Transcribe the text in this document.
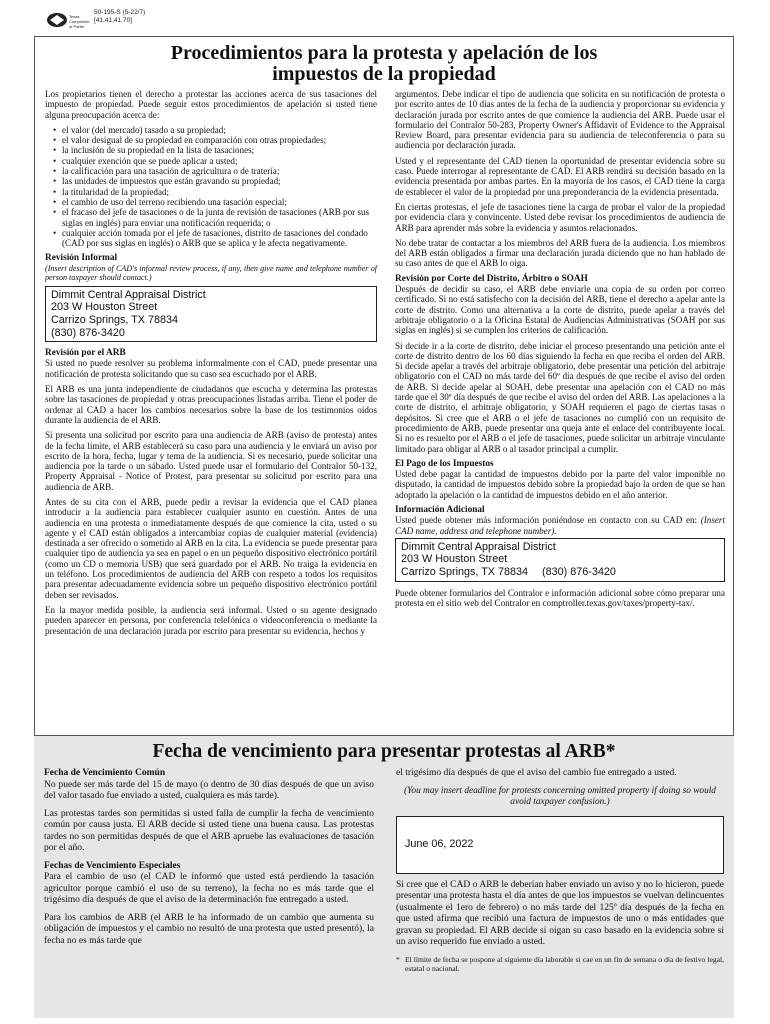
Texas
Comptroller
of Public
50-195-S (5-22/7)
[41.41,41.70]
Procedimientos para la protesta y apelación de los
impuestos de la propiedad

Los propietarios tienen el derecho a protestar las acciones acerca de sus tasaciones del impuesto de propiedad. Puede seguir estos procedimientos de apelación si usted tiene alguna preocupación acerca de:

• el valor (del mercado) tasado a su propiedad;
• el valor desigual de su propiedad en comparación con otras propiedades;
• la inclusión de su propiedad en la lista de tasaciones;
• cualquier exención que se puede aplicar a usted;
• la calificación para una tasación de agricultura o de tratería;
• las unidades de impuestos que están gravando su propiedad;
• la titularidad de la propiedad;
• el cambio de uso del terreno recibiendo una tasación especial;
• el fracaso del jefe de tasaciones o de la junta de revisión de tasaciones (ARB por sus siglas en inglés) para enviar una notificación requerida; o
• cualquier acción tomada por el jefe de tasaciones, distrito de tasaciones del condado (CAD por sus siglas en inglés) o ARB que se aplica y le afecta negativamente.
Revisión Informal
(Insert description of CAD's informal review process, if any, then give name and telephone number of person taxpayer should contact.)
Dimmit Central Appraisal District
203 W Houston Street
Carrizo Springs, TX 78834
(830) 876-3420
Revisión por el ARB

Si usted no puede resolver su problema informalmente con el CAD, puede presentar una notificación de protesta solicitando que su caso sea escuchado por el ARB.

El ARB es una junta independiente de ciudadanos que escucha y determina las protestas sobre las tasaciones de propiedad y otras preocupaciones listadas arriba. Tiene el poder de ordenar al CAD a hacer los cambios necesarios sobre la base de los testimonios oídos durante la audiencia de el ARB.

Si presenta una solicitud por escrito para una audiencia de ARB (aviso de protesta) antes de la fecha límite, el ARB establecerá su caso para una audiencia y le enviará un aviso por escrito de la hora, fecha, lugar y tema de la audiencia. Si es necesario, puede solicitar una audiencia por la tarde o un sábado. Usted puede usar el formulario del Contralor 50-132, Property Appraisal - Notice of Protest, para presentar su solicitud por escrito para una audiencia de ARB.

Antes de su cita con el ARB, puede pedir a revisar la evidencia que el CAD planea introducir a la audiencia para establecer cualquier asunto en cuestión. Antes de una audiencia en una protesta o inmediatamente después de que comience la cita, usted o su agente y el CAD están obligados a intercambiar copias de cualquier material (evidencia) destinada a ser ofrecido o sometido al ARB en la cita. La evidencia se puede presentar para cualquier tipo de audiencia ya sea en papel o en un pequeño dispositivo electrónico portátil (como un CD o memoria USB) que será guardado por el ARB. No traiga la evidencia en un teléfono. Los procedimientos de audiencia del ARB con respeto a todos los requisitos para presentar adecuadamente evidencia sobre un pequeño dispositivo electrónico portátil deben ser revisados.

En la mayor medida posible, la audiencia será informal. Usted o su agente designado pueden aparecer en persona, por conferencia telefónica o videoconferencia o mediante la presentación de una declaración jurada por escrito para presentar su evidencia, hechos y

argumentos. Debe indicar el tipo de audiencia que solicita en su notificación de protesta o por escrito antes de 10 días antes de la fecha de la audiencia y proporcionar su evidencia y declaración jurada por escrito antes de que comience la audiencia del ARB. Puede usar el formulario del Contralor 50-283, Property Owner's Affidavit of Evidence to the Appraisal Review Board, para presentar evidencia para su audiencia de teleconferencia o para su audiencia por declaración jurada.

Usted y el representante del CAD tienen la oportunidad de presentar evidencia sobre su caso. Puede interrogar al representante de CAD. El ARB rendirá su decisión basado en la evidencia presentada por ambas partes. En la mayoría de los casos, el CAD tiene la carga de establecer el valor de la propiedad por una preponderancia de la evidencia presentada.

En ciertas protestas, el jefe de tasaciones tiene la carga de probar el valor de la propiedad por evidencia clara y convincente. Usted debe revisar los procedimientos de audiencia de ARB para aprender más sobre la evidencia y asuntos relacionados.

No debe tratar de contactar a los miembros del ARB fuera de la audiencia. Los miembros del ARB están obligados a firmar una declaración jurada diciendo que no han hablado de su caso antes de que el ARB lo oiga.

Revisión por Corte del Distrito, Árbitro o SOAH

Después de decidir su caso, el ARB debe enviarle una copia de su orden por correo certificado. Si no está satisfecho con la decisión del ARB, tiene el derecho a apelar ante la corte de distrito. Como una alternativa a la corte de distrito, puede apelar a través del arbitraje obligatorio o a la Oficina Estatal de Audiencias Administrativas (SOAH por sus siglas en inglés) si se cumplen los criterios de calificación.

Si decide ir a la corte de distrito, debe iniciar el proceso presentando una petición ante el corte de distrito dentro de los 60 días siguiendo la fecha en que reciba el orden del ARB. Si decide apelar a través del arbitraje obligatorio, debe presentar una petición del arbitraje obligatorio con el CAD no más tarde del 60º día después de que recibe el aviso del orden de ARB. Si decide apelar al SOAH, debe presentar una apelación con el CAD no más tarde que el 30º día después de que recibe el aviso del orden del ARB. Las apelaciones a la corte de distrito, el arbitraje obligatorio, y SOAH requieren el pago de ciertas tasas o depósitos. Si cree que el ARB o el jefe de tasaciones no cumplió con un requisito de procedimiento de ARB, puede presentar una queja ante el enlace del contribuyente local. Si no es resuelto por el ARB o el jefe de tasaciones, puede solicitar un arbitraje vinculante limitado para obligar al ARB o al tasador principal a cumplir.

El Pago de los Impuestos

Usted debe pagar la cantidad de impuestos debido por la parte del valor imponible no disputado, la cantidad de impuestos debido sobre la propiedad bajo la orden de que se han adoptado la apelación o la cantidad de impuestos debido en el año anterior.

Información Adicional

Usted puede obtener más información poniéndose en contacto con su CAD en: (Insert CAD name, address and telephone number).

Dimmit Central Appraisal District
203 W Houston Street
Carrizo Springs, TX 78834 (830) 876-3420

Puede obtener formularios del Contralor e información adicional sobre cómo preparar una protesta en el sitio web del Contralor en comptroller.texas.gov/taxes/property-tax/.

Fecha de vencimiento para presentar protestas al ARB*
Fecha de Vencimiento Común

No puede ser más tarde del 15 de mayo (o dentro de 30 días después de que un aviso del valor tasado fue enviado a usted, cualquiera es más tarde).

Las protestas tardes son permitidas si usted falla de cumplir la fecha de vencimiento común por causa justa. El ARB decide si usted tiene una buena causa. Las protestas tardes no son permitidas después de que el ARB apruebe las evaluaciones de tasación por el año.

Fechas de Vencimiento Especiales

Para el cambio de uso (el CAD le informó que usted está perdiendo la tasación agricultor porque cambió el uso de su terreno), la fecha no es más tarde que el trigésimo día después de que el aviso de la determinación fue entregado a usted.

Para los cambios de ARB (el ARB le ha informado de un cambio que aumenta su obligación de impuestos y el cambio no resultó de una protesta que usted presentó), la fecha no es más tarde que

el trigésimo día después de que el aviso del cambio fue entregado a usted.

(You may insert deadline for protests concerning omitted property if doing so would avoid taxpayer confusion.)
June 06, 2022

Si cree que el CAD o ARB le deberían haber enviado un aviso y no lo hicieron, puede presentar una protesta hasta el día antes de que los impuestos se vuelvan delincuentes (usualmente el 1ero de febrero) o no más tarde del 125º día después de la fecha en que usted afirma que recibió una factura de impuestos de uno o más entidades que gravan su propiedad. El ARB decide si oigan su caso basado en la evidencia sobre si un aviso requerido fue enviado a usted.

* El límite de fecha se pospone al siguiente día laborable si cae en un fin de semana o día de festivo legal, estatal o nacional.
